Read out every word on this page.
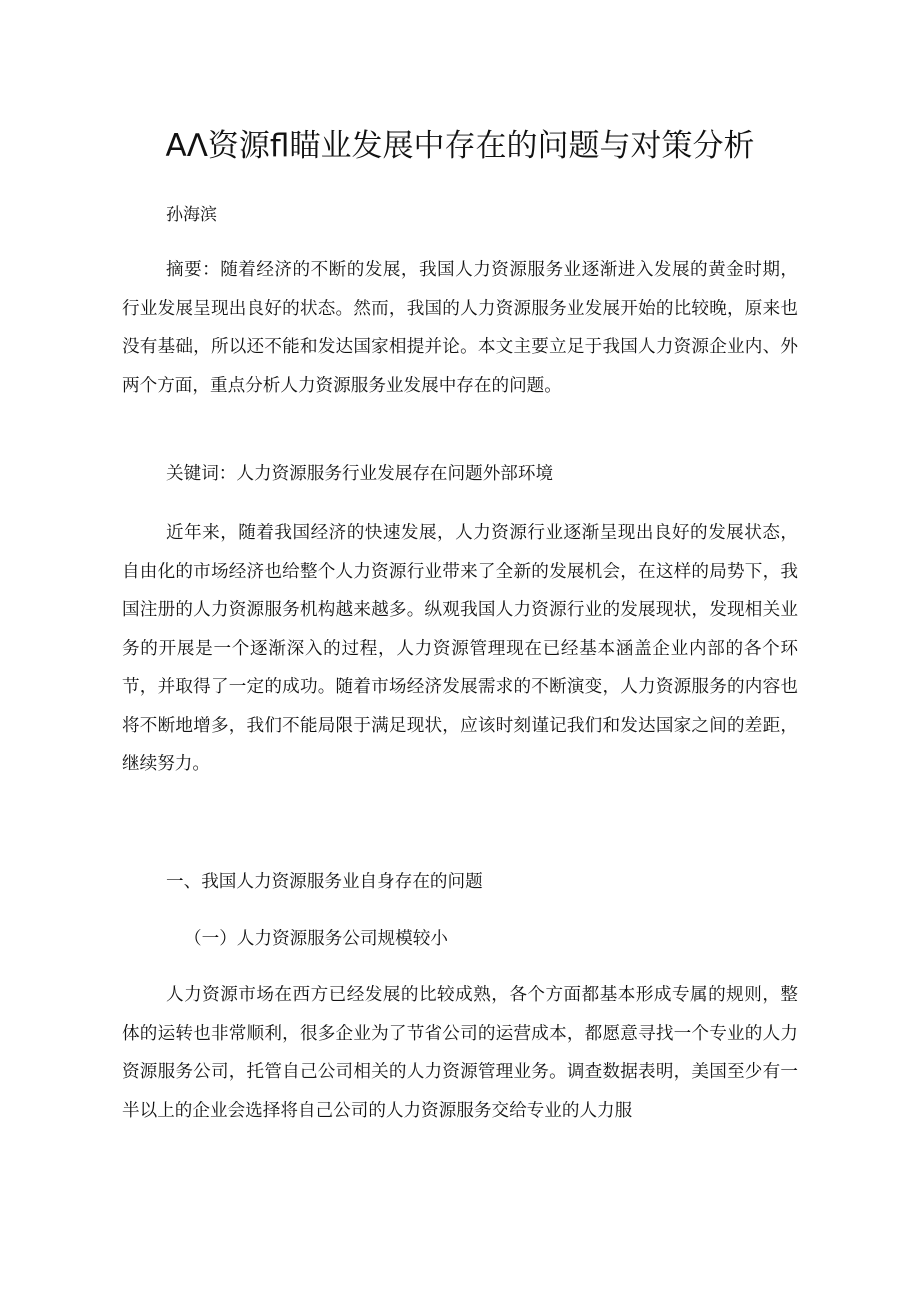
AΛ资源fl瞄业发展中存在的问题与对策分析

孙海滨

摘要：随着经济的不断的发展，我国人力资源服务业逐渐进入发展的黄金时期，行业发展呈现出良好的状态。然而，我国的人力资源服务业发展开始的比较晚，原来也没有基础，所以还不能和发达国家相提并论。本文主要立足于我国人力资源企业内、外两个方面，重点分析人力资源服务业发展中存在的问题。

关键词：人力资源服务行业发展存在问题外部环境

近年来，随着我国经济的快速发展，人力资源行业逐渐呈现出良好的发展状态，自由化的市场经济也给整个人力资源行业带来了全新的发展机会，在这样的局势下，我国注册的人力资源服务机构越来越多。纵观我国人力资源行业的发展现状，发现相关业务的开展是一个逐渐深入的过程，人力资源管理现在已经基本涵盖企业内部的各个环节，并取得了一定的成功。随着市场经济发展需求的不断演变，人力资源服务的内容也将不断地增多，我们不能局限于满足现状，应该时刻谨记我们和发达国家之间的差距，继续努力。

一、我国人力资源服务业自身存在的问题

（一）人力资源服务公司规模较小

人力资源市场在西方已经发展的比较成熟，各个方面都基本形成专属的规则，整体的运转也非常顺利，很多企业为了节省公司的运营成本，都愿意寻找一个专业的人力资源服务公司，托管自己公司相关的人力资源管理业务。调查数据表明，美国至少有一半以上的企业会选择将自己公司的人力资源服务交给专业的人力服
